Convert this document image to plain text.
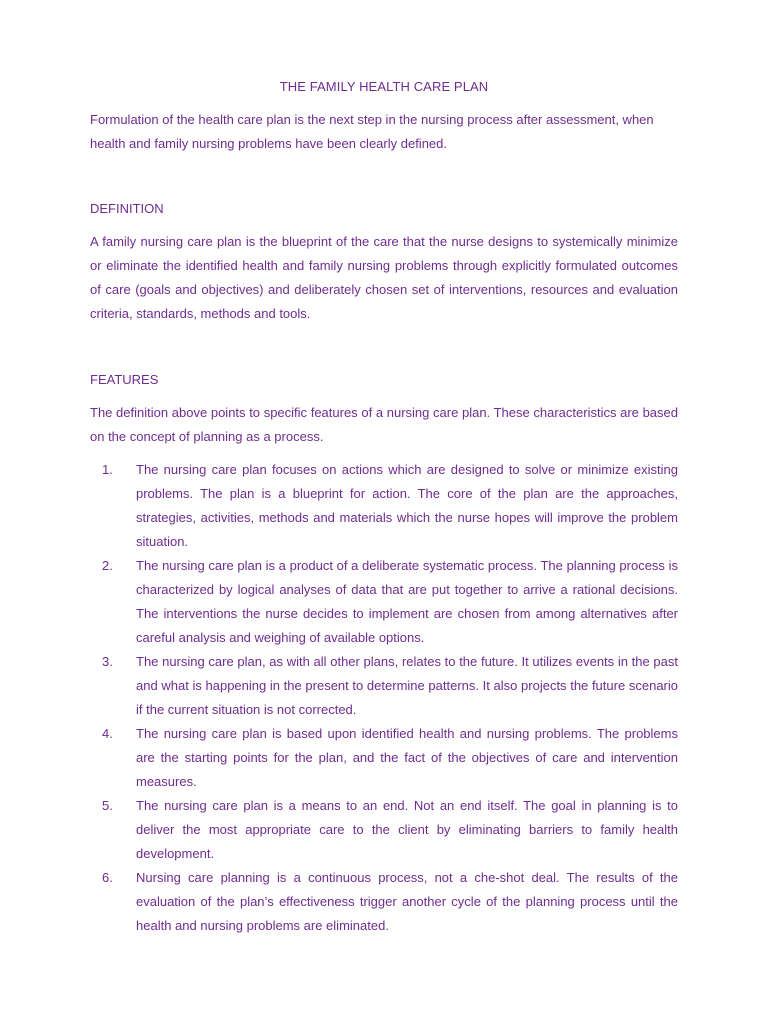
THE FAMILY HEALTH CARE PLAN

Formulation of the health care plan is the next step in the nursing process after assessment, when health and family nursing problems have been clearly defined.

DEFINITION

A family nursing care plan is the blueprint of the care that the nurse designs to systemically minimize or eliminate the identified health and family nursing problems through explicitly formulated outcomes of care (goals and objectives) and deliberately chosen set of interventions, resources and evaluation criteria, standards, methods and tools.

FEATURES

The definition above points to specific features of a nursing care plan. These characteristics are based on the concept of planning as a process.

1.	The nursing care plan focuses on actions which are designed to solve or minimize existing problems. The plan is a blueprint for action. The core of the plan are the approaches, strategies, activities, methods and materials which the nurse hopes will improve the problem situation.
2.	The nursing care plan is a product of a deliberate systematic process. The planning process is characterized by logical analyses of data that are put together to arrive a rational decisions. The interventions the nurse decides to implement are chosen from among alternatives after careful analysis and weighing of available options.
3.	The nursing care plan, as with all other plans, relates to the future. It utilizes events in the past and what is happening in the present to determine patterns. It also projects the future scenario if the current situation is not corrected.
4.	The nursing care plan is based upon identified health and nursing problems. The problems are the starting points for the plan, and the fact of the objectives of care and intervention measures.
5.	The nursing care plan is a means to an end. Not an end itself. The goal in planning is to deliver the most appropriate care to the client by eliminating barriers to family health development.
6.	Nursing care planning is a continuous process, not a che-shot deal. The results of the evaluation of the plan’s effectiveness trigger another cycle of the planning process until the health and nursing problems are eliminated.
